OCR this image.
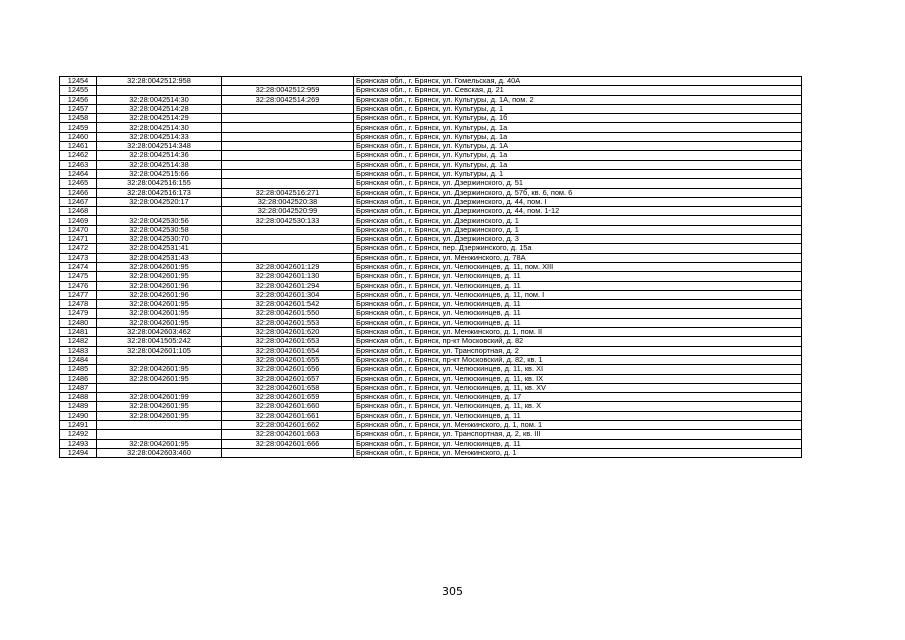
12454	32:28:0042512:958		Брянская обл., г. Брянск, ул. Гомельская, д. 40А
12455		32:28:0042512:959	Брянская обл., г. Брянск, ул. Севская, д. 21
12456	32:28:0042514:30	32:28:0042514:269	Брянская обл., г. Брянск, ул. Культуры, д. 1А, пом. 2
12457	32:28:0042514:28		Брянская обл., г. Брянск, ул. Культуры, д. 1
12458	32:28:0042514:29		Брянская обл., г. Брянск, ул. Культуры, д. 1б
12459	32:28:0042514:30		Брянская обл., г. Брянск, ул. Культуры, д. 1а
12460	32:28:0042514:33		Брянская обл., г. Брянск, ул. Культуры, д. 1а
12461	32:28:0042514:348		Брянская обл., г. Брянск, ул. Культуры, д. 1А
12462	32:28:0042514:36		Брянская обл., г. Брянск, ул. Культуры, д. 1а
12463	32:28:0042514:38		Брянская обл., г. Брянск, ул. Культуры, д. 1а
12464	32:28:0042515:66		Брянская обл., г. Брянск, ул. Культуры, д. 1
12465	32:28:0042516:155		Брянская обл., г. Брянск, ул. Дзержинского, д. 51
12466	32:28:0042516:173	32:28:0042516:271	Брянская обл., г. Брянск, ул. Дзержинского, д. 57б, кв. 6, пом. 6
12467	32:28:0042520:17	32:28:0042520:38	Брянская обл., г. Брянск, ул. Дзержинского, д. 44, пом. I
12468		32:28:0042520:99	Брянская обл., г. Брянск, ул. Дзержинского, д. 44, пом. 1-12
12469	32:28:0042530:56	32:28:0042530:133	Брянская обл., г. Брянск, ул. Дзержинского, д. 1
12470	32:28:0042530:58		Брянская обл., г. Брянск, ул. Дзержинского, д. 1
12471	32:28:0042530:70		Брянская обл., г. Брянск, ул. Дзержинского, д. 3
12472	32:28:0042531:41		Брянская обл., г. Брянск, пер. Дзержинского, д. 15а
12473	32:28:0042531:43		Брянская обл., г. Брянск, ул. Менжинского, д. 78А
12474	32:28:0042601:95	32:28:0042601:129	Брянская обл., г. Брянск, ул. Челюскинцев, д. 11, пом. XIII
12475	32:28:0042601:95	32:28:0042601:130	Брянская обл., г. Брянск, ул. Челюскинцев, д. 11
12476	32:28:0042601:96	32:28:0042601:294	Брянская обл., г. Брянск, ул. Челюскинцев, д. 11
12477	32:28:0042601:96	32:28:0042601:304	Брянская обл., г. Брянск, ул. Челюскинцев, д. 11, пом. I
12478	32:28:0042601:95	32:28:0042601:542	Брянская обл., г. Брянск, ул. Челюскинцев, д. 11
12479	32:28:0042601:95	32:28:0042601:550	Брянская обл., г. Брянск, ул. Челюскинцев, д. 11
12480	32:28:0042601:95	32:28:0042601:553	Брянская обл., г. Брянск, ул. Челюскинцев, д. 11
12481	32:28:0042603:462	32:28:0042601:620	Брянская обл., г. Брянск, ул. Менжинского, д. 1, пом. II
12482	32:28:0041505:242	32:28:0042601:653	Брянская обл., г. Брянск, пр-кт Московский, д. 82
12483	32:28:0042601:105	32:28:0042601:654	Брянская обл., г. Брянск, ул. Транспортная, д. 2
12484		32:28:0042601:655	Брянская обл., г. Брянск, пр-кт Московский, д. 82, кв. 1
12485	32:28:0042601:95	32:28:0042601:656	Брянская обл., г. Брянск, ул. Челюскинцев, д. 11, кв. XI
12486	32:28:0042601:95	32:28:0042601:657	Брянская обл., г. Брянск, ул. Челюскинцев, д. 11, кв. IX
12487		32:28:0042601:658	Брянская обл., г. Брянск, ул. Челюскинцев, д. 11, кв. XV
12488	32:28:0042601:99	32:28:0042601:659	Брянская обл., г. Брянск, ул. Челюскинцев, д. 17
12489	32:28:0042601:95	32:28:0042601:660	Брянская обл., г. Брянск, ул. Челюскинцев, д. 11, кв. X
12490	32:28:0042601:95	32:28:0042601:661	Брянская обл., г. Брянск, ул. Челюскинцев, д. 11
12491		32:28:0042601:662	Брянская обл., г. Брянск, ул. Менжинского, д. 1, пом. 1
12492		32:28:0042601:663	Брянская обл., г. Брянск, ул. Транспортная, д. 2, кв. III
12493	32:28:0042601:95	32:28:0042601:666	Брянская обл., г. Брянск, ул. Челюскинцев, д. 11
12494	32:28:0042603:460		Брянская обл., г. Брянск, ул. Менжинского, д. 1
305
